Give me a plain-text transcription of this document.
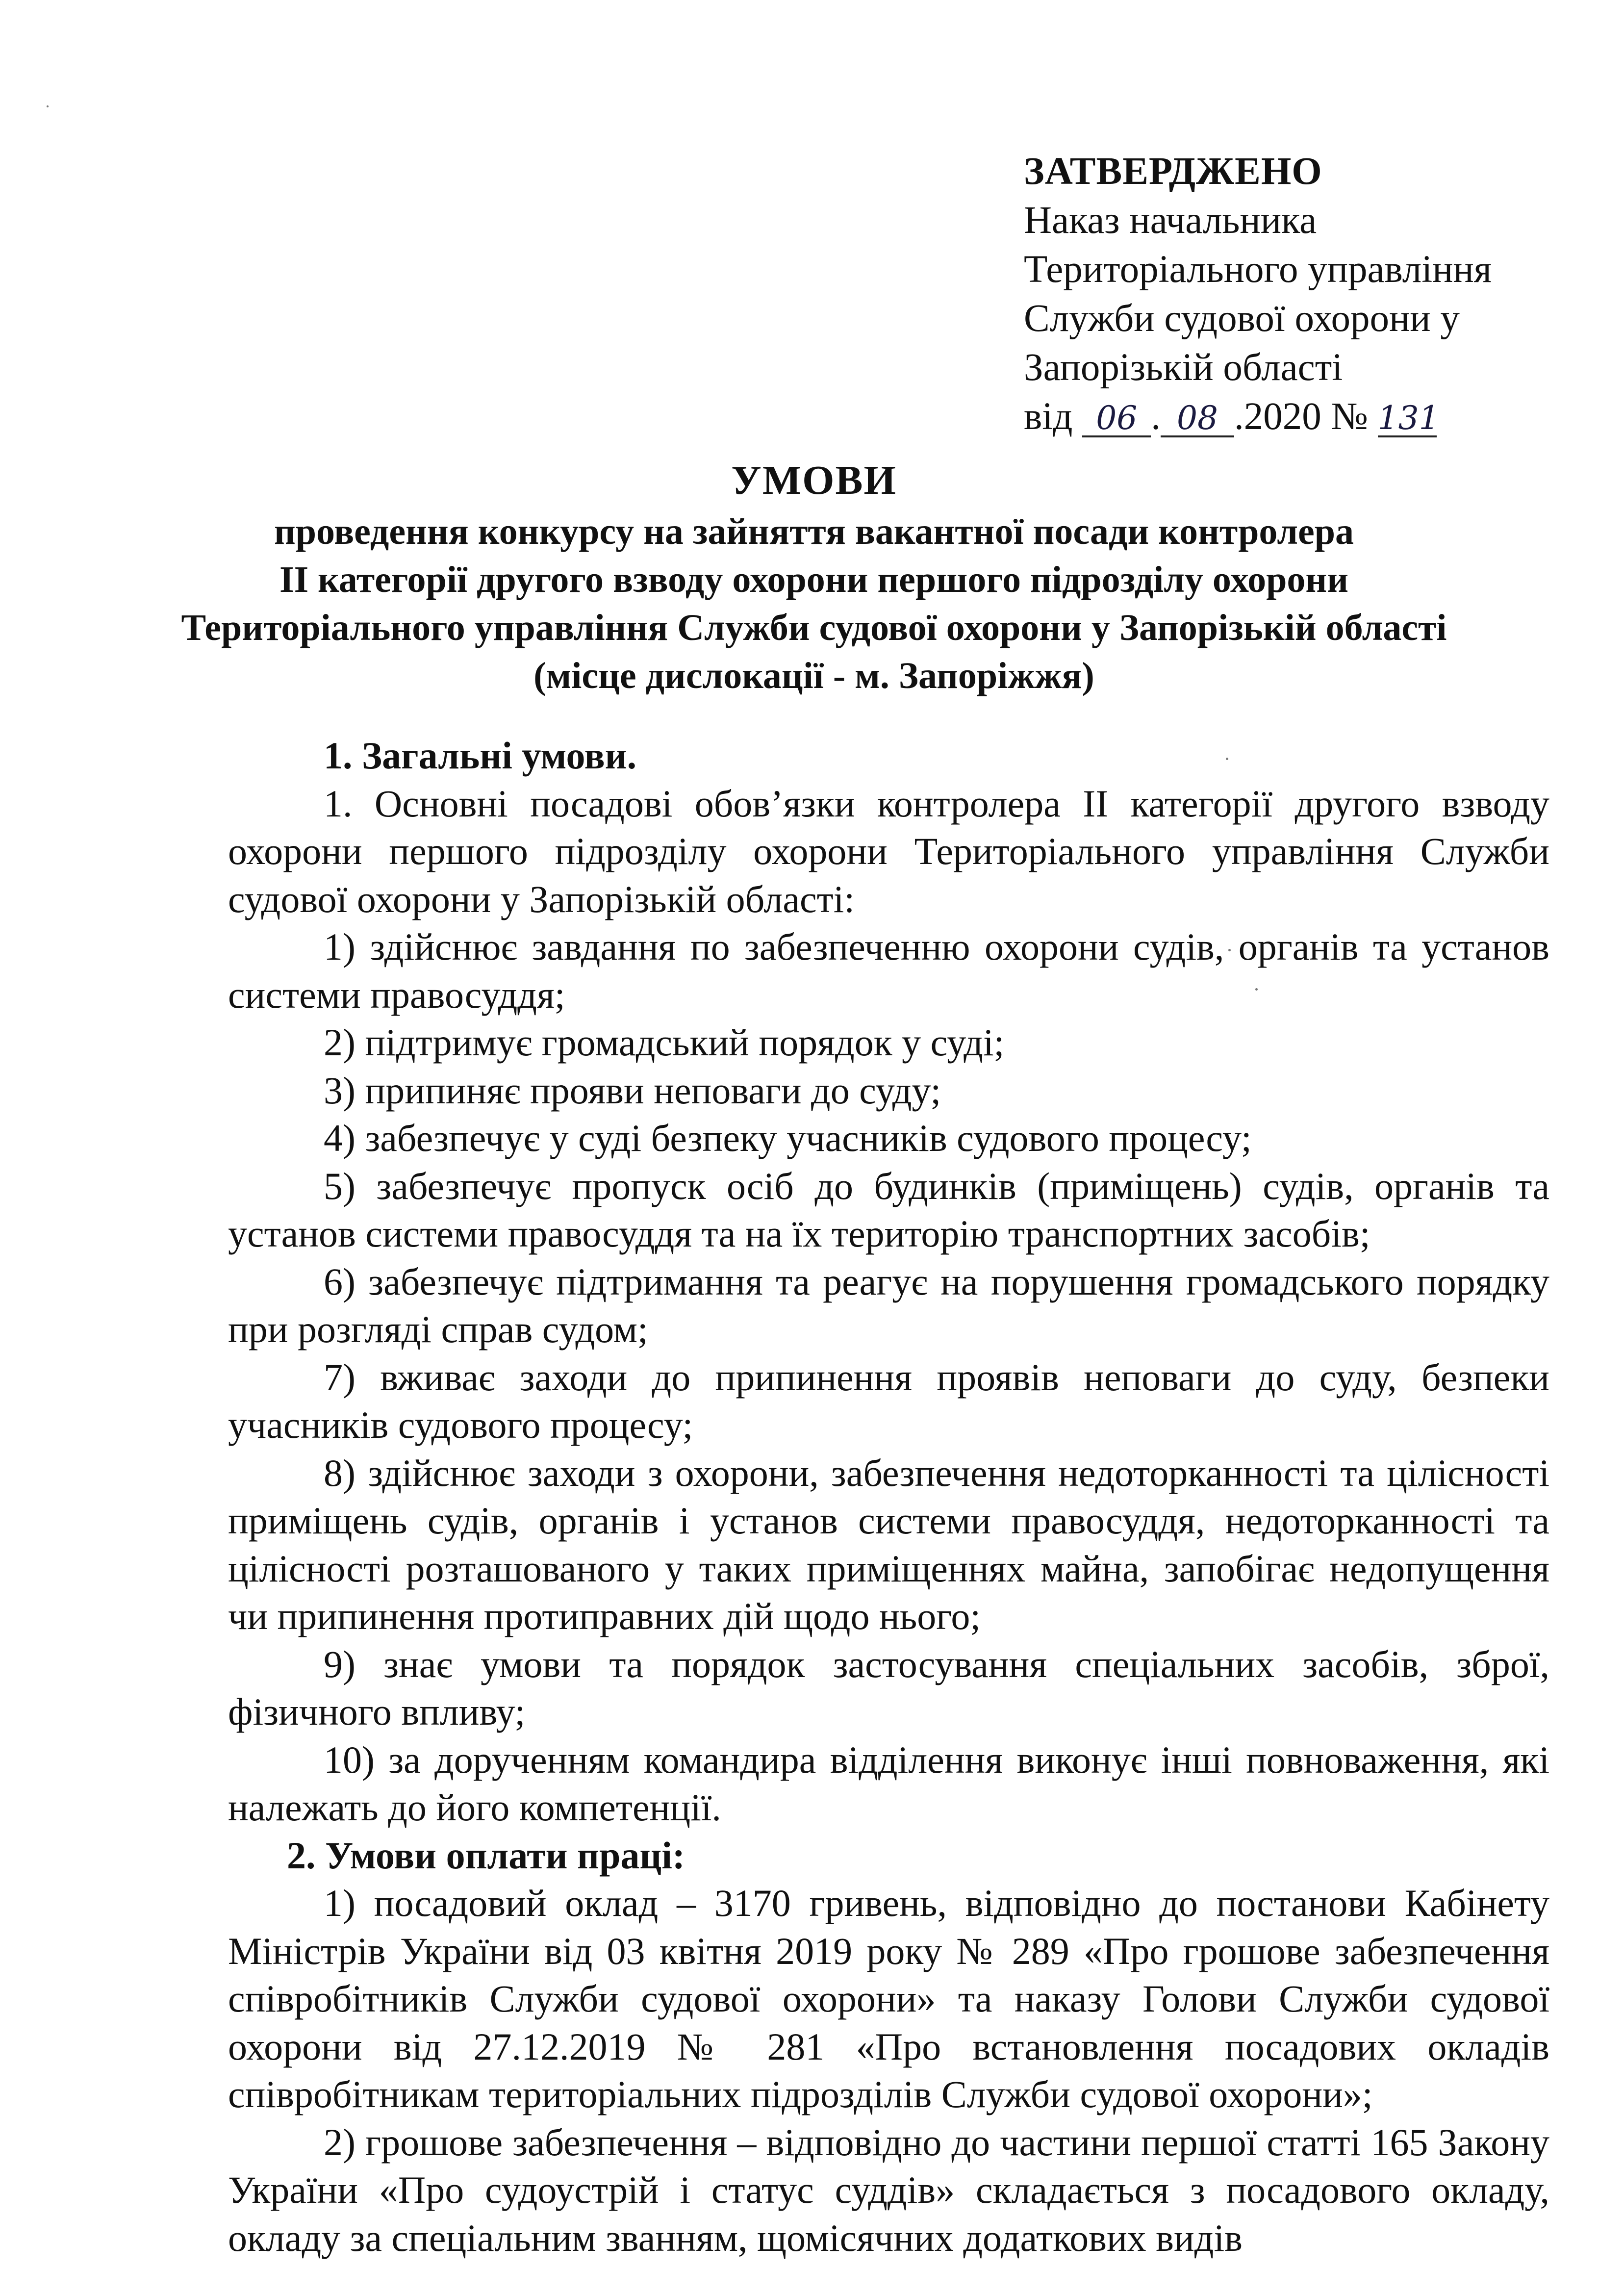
ЗАТВЕРДЖЕНО
Наказ начальника
Територіального управління
Служби судової охорони у
Запорізькій області
від 06 . 08 .2020 № 131
УМОВИ
проведення конкурсу на зайняття вакантної посади контролера
ІІ категорії другого взводу охорони першого підрозділу охорони
Територіального управління Служби судової охорони у Запорізькій області
(місце дислокації - м. Запоріжжя)

1. Загальні умови.

1. Основні посадові обов’язки контролера ІІ категорії другого взводу охорони першого підрозділу охорони Територіального управління Служби судової охорони у Запорізькій області:

1) здійснює завдання по забезпеченню охорони судів, органів та установ системи правосуддя;

2) підтримує громадський порядок у суді;

3) припиняє прояви неповаги до суду;

4) забезпечує у суді безпеку учасників судового процесу;

5) забезпечує пропуск осіб до будинків (приміщень) судів, органів та установ системи правосуддя та на їх територію транспортних засобів;

6) забезпечує підтримання та реагує на порушення громадського порядку при розгляді справ судом;

7) вживає заходи до припинення проявів неповаги до суду, безпеки учасників судового процесу;

8) здійснює заходи з охорони, забезпечення недоторканності та цілісності приміщень судів, органів і установ системи правосуддя, недоторканності та цілісності розташованого у таких приміщеннях майна, запобігає недопущення чи припинення протиправних дій щодо нього;

9) знає умови та порядок застосування спеціальних засобів, зброї, фізичного впливу;

10) за дорученням командира відділення виконує інші повноваження, які належать до його компетенції.

2. Умови оплати праці:

1) посадовий оклад – 3170 гривень, відповідно до постанови Кабінету Міністрів України від 03 квітня 2019 року № 289 «Про грошове забезпечення співробітників Служби судової охорони» та наказу Голови Служби судової охорони від 27.12.2019 № 281 «Про встановлення посадових окладів співробітникам територіальних підрозділів Служби судової охорони»;

2) грошове забезпечення – відповідно до частини першої статті 165 Закону України «Про судоустрій і статус суддів» складається з посадового окладу, окладу за спеціальним званням, щомісячних додаткових видів
